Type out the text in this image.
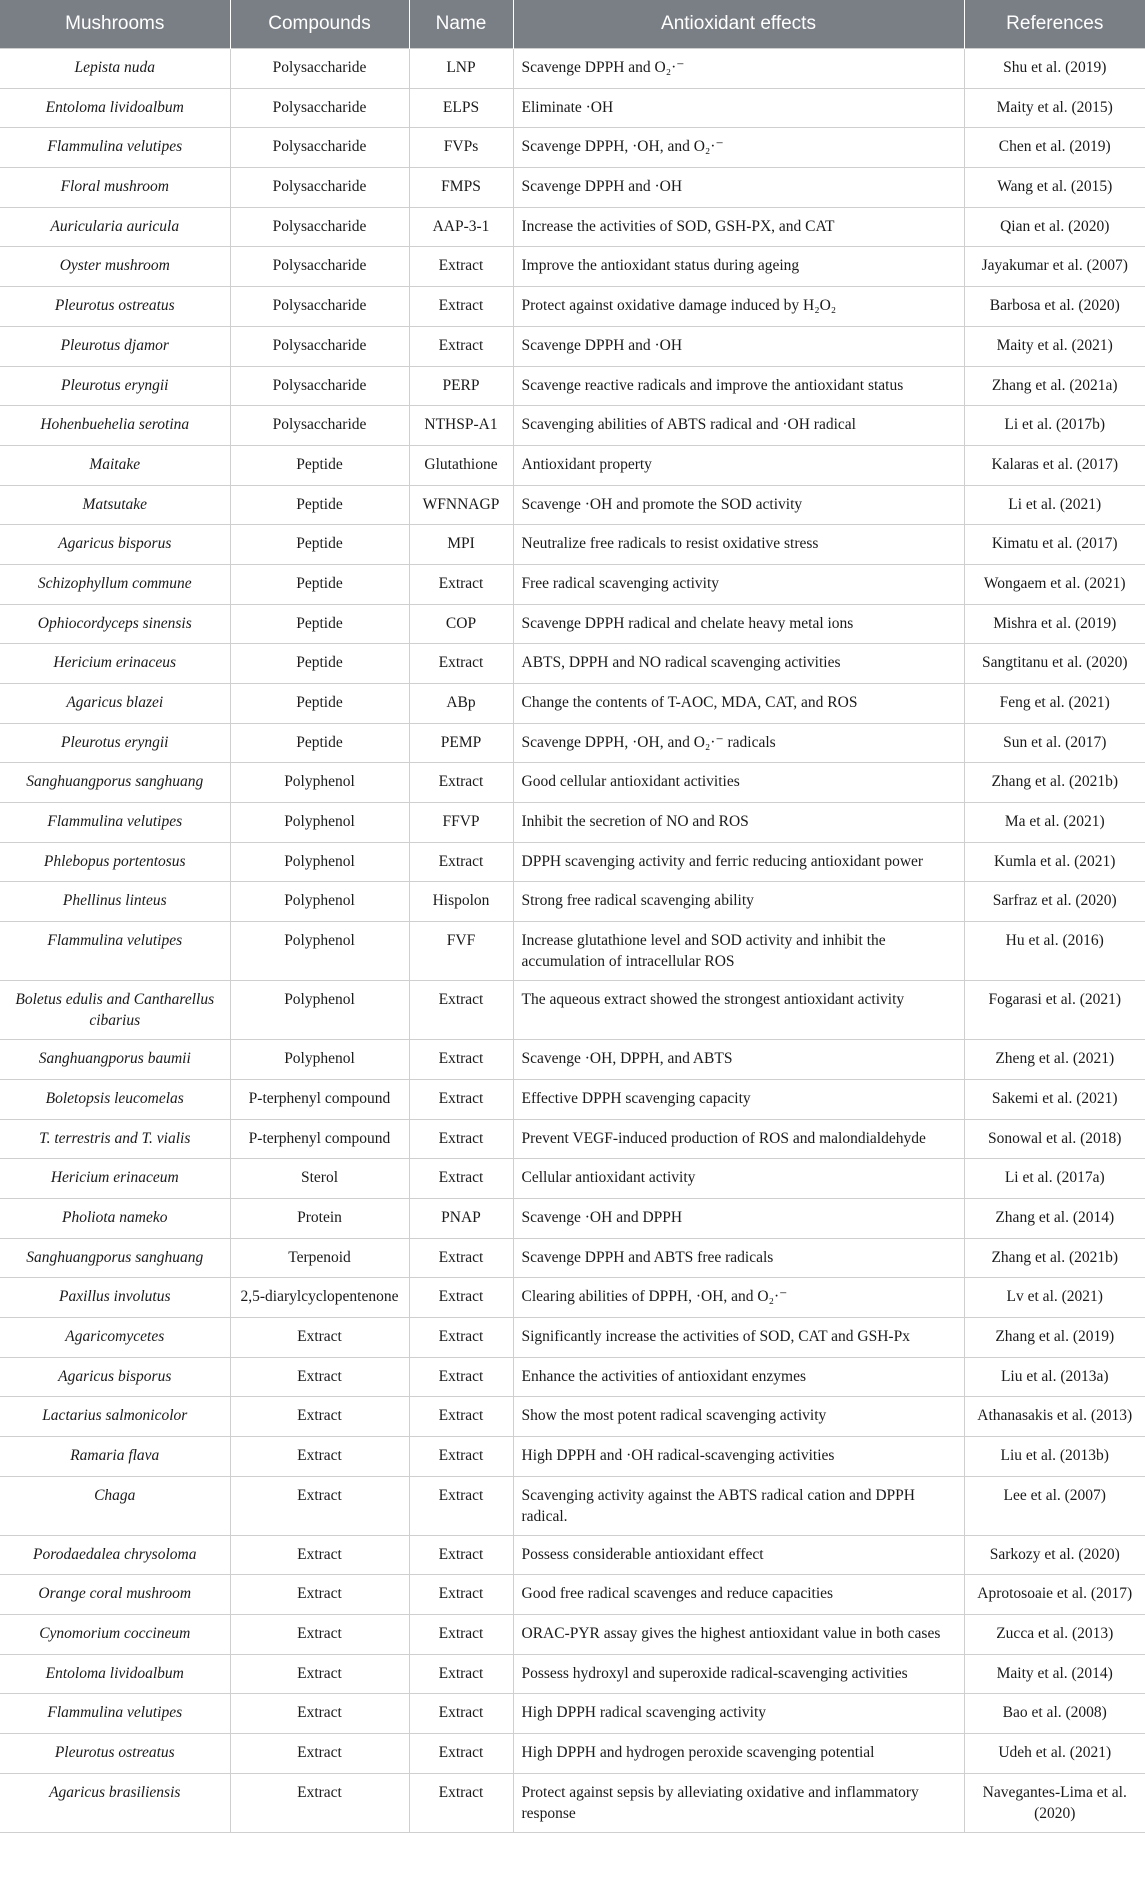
Mushrooms	Compounds	Name	Antioxidant effects	References
Lepista nuda	Polysaccharide	LNP	Scavenge DPPH and O₂·⁻	Shu et al. (2019)
Entoloma lividoalbum	Polysaccharide	ELPS	Eliminate ·OH	Maity et al. (2015)
Flammulina velutipes	Polysaccharide	FVPs	Scavenge DPPH, ·OH, and O₂·⁻	Chen et al. (2019)
Floral mushroom	Polysaccharide	FMPS	Scavenge DPPH and ·OH	Wang et al. (2015)
Auricularia auricula	Polysaccharide	AAP-3-1	Increase the activities of SOD, GSH-PX, and CAT	Qian et al. (2020)
Oyster mushroom	Polysaccharide	Extract	Improve the antioxidant status during ageing	Jayakumar et al. (2007)
Pleurotus ostreatus	Polysaccharide	Extract	Protect against oxidative damage induced by H₂O₂	Barbosa et al. (2020)
Pleurotus djamor	Polysaccharide	Extract	Scavenge DPPH and ·OH	Maity et al. (2021)
Pleurotus eryngii	Polysaccharide	PERP	Scavenge reactive radicals and improve the antioxidant status	Zhang et al. (2021a)
Hohenbuehelia serotina	Polysaccharide	NTHSP-A1	Scavenging abilities of ABTS radical and ·OH radical	Li et al. (2017b)
Maitake	Peptide	Glutathione	Antioxidant property	Kalaras et al. (2017)
Matsutake	Peptide	WFNNAGP	Scavenge ·OH and promote the SOD activity	Li et al. (2021)
Agaricus bisporus	Peptide	MPI	Neutralize free radicals to resist oxidative stress	Kimatu et al. (2017)
Schizophyllum commune	Peptide	Extract	Free radical scavenging activity	Wongaem et al. (2021)
Ophiocordyceps sinensis	Peptide	COP	Scavenge DPPH radical and chelate heavy metal ions	Mishra et al. (2019)
Hericium erinaceus	Peptide	Extract	ABTS, DPPH and NO radical scavenging activities	Sangtitanu et al. (2020)
Agaricus blazei	Peptide	ABp	Change the contents of T-AOC, MDA, CAT, and ROS	Feng et al. (2021)
Pleurotus eryngii	Peptide	PEMP	Scavenge DPPH, ·OH, and O₂·⁻ radicals	Sun et al. (2017)
Sanghuangporus sanghuang	Polyphenol	Extract	Good cellular antioxidant activities	Zhang et al. (2021b)
Flammulina velutipes	Polyphenol	FFVP	Inhibit the secretion of NO and ROS	Ma et al. (2021)
Phlebopus portentosus	Polyphenol	Extract	DPPH scavenging activity and ferric reducing antioxidant power	Kumla et al. (2021)
Phellinus linteus	Polyphenol	Hispolon	Strong free radical scavenging ability	Sarfraz et al. (2020)
Flammulina velutipes	Polyphenol	FVF	Increase glutathione level and SOD activity and inhibit the accumulation of intracellular ROS	Hu et al. (2016)
Boletus edulis and Cantharellus cibarius	Polyphenol	Extract	The aqueous extract showed the strongest antioxidant activity	Fogarasi et al. (2021)
Sanghuangporus baumii	Polyphenol	Extract	Scavenge ·OH, DPPH, and ABTS	Zheng et al. (2021)
Boletopsis leucomelas	P-terphenyl compound	Extract	Effective DPPH scavenging capacity	Sakemi et al. (2021)
T. terrestris and T. vialis	P-terphenyl compound	Extract	Prevent VEGF-induced production of ROS and malondialdehyde	Sonowal et al. (2018)
Hericium erinaceum	Sterol	Extract	Cellular antioxidant activity	Li et al. (2017a)
Pholiota nameko	Protein	PNAP	Scavenge ·OH and DPPH	Zhang et al. (2014)
Sanghuangporus sanghuang	Terpenoid	Extract	Scavenge DPPH and ABTS free radicals	Zhang et al. (2021b)
Paxillus involutus	2,5-diarylcyclopentenone	Extract	Clearing abilities of DPPH, ·OH, and O₂·⁻	Lv et al. (2021)
Agaricomycetes	Extract	Extract	Significantly increase the activities of SOD, CAT and GSH-Px	Zhang et al. (2019)
Agaricus bisporus	Extract	Extract	Enhance the activities of antioxidant enzymes	Liu et al. (2013a)
Lactarius salmonicolor	Extract	Extract	Show the most potent radical scavenging activity	Athanasakis et al. (2013)
Ramaria flava	Extract	Extract	High DPPH and ·OH radical-scavenging activities	Liu et al. (2013b)
Chaga	Extract	Extract	Scavenging activity against the ABTS radical cation and DPPH radical.	Lee et al. (2007)
Porodaedalea chrysoloma	Extract	Extract	Possess considerable antioxidant effect	Sarkozy et al. (2020)
Orange coral mushroom	Extract	Extract	Good free radical scavenges and reduce capacities	Aprotosoaie et al. (2017)
Cynomorium coccineum	Extract	Extract	ORAC-PYR assay gives the highest antioxidant value in both cases	Zucca et al. (2013)
Entoloma lividoalbum	Extract	Extract	Possess hydroxyl and superoxide radical-scavenging activities	Maity et al. (2014)
Flammulina velutipes	Extract	Extract	High DPPH radical scavenging activity	Bao et al. (2008)
Pleurotus ostreatus	Extract	Extract	High DPPH and hydrogen peroxide scavenging potential	Udeh et al. (2021)
Agaricus brasiliensis	Extract	Extract	Protect against sepsis by alleviating oxidative and inflammatory response	Navegantes-Lima et al. (2020)
